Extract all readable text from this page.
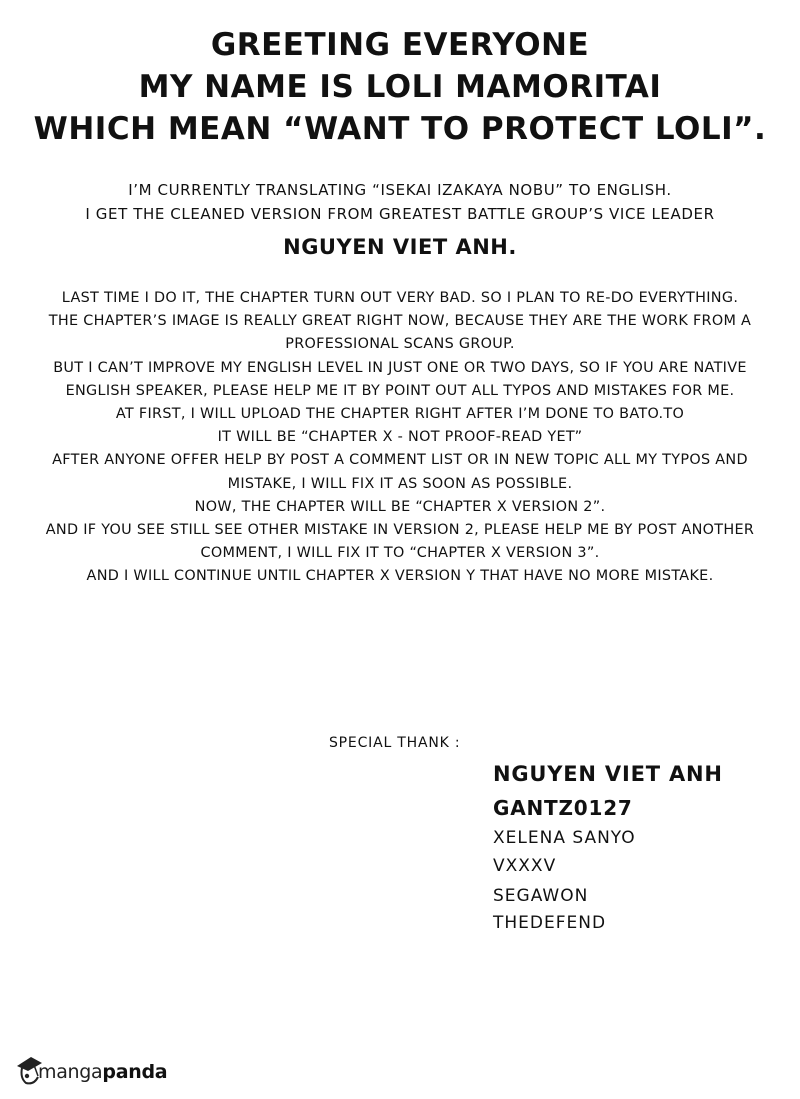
GREETING EVERYONE
MY NAME IS LOLI MAMORITAI
WHICH MEAN “WANT TO PROTECT LOLI”.
I’M CURRENTLY TRANSLATING “ISEKAI IZAKAYA NOBU” TO ENGLISH.
I GET THE CLEANED VERSION FROM GREATEST BATTLE GROUP’S VICE LEADER
NGUYEN VIET ANH.
LAST TIME I DO IT, THE CHAPTER TURN OUT VERY BAD. SO I PLAN TO RE-DO EVERYTHING.
THE CHAPTER’S IMAGE IS REALLY GREAT RIGHT NOW, BECAUSE THEY ARE THE WORK FROM A
PROFESSIONAL SCANS GROUP.
BUT I CAN’T IMPROVE MY ENGLISH LEVEL IN JUST ONE OR TWO DAYS, SO IF YOU ARE NATIVE
ENGLISH SPEAKER, PLEASE HELP ME IT BY POINT OUT ALL TYPOS AND MISTAKES FOR ME.
AT FIRST, I WILL UPLOAD THE CHAPTER RIGHT AFTER I’M DONE TO BATO.TO
IT WILL BE “CHAPTER X - NOT PROOF-READ YET”
AFTER ANYONE OFFER HELP BY POST A COMMENT LIST OR IN NEW TOPIC ALL MY TYPOS AND
MISTAKE, I WILL FIX IT AS SOON AS POSSIBLE.
NOW, THE CHAPTER WILL BE “CHAPTER X VERSION 2”.
AND IF YOU SEE STILL SEE OTHER MISTAKE IN VERSION 2, PLEASE HELP ME BY POST ANOTHER
COMMENT, I WILL FIX IT TO “CHAPTER X VERSION 3”.
AND I WILL CONTINUE UNTIL CHAPTER X VERSION Y THAT HAVE NO MORE MISTAKE.
SPECIAL THANK :
NGUYEN VIET ANH
GANTZ0127
XELENA SANYO
VXXXV
SEGAWON
THEDEFEND
mangapanda
